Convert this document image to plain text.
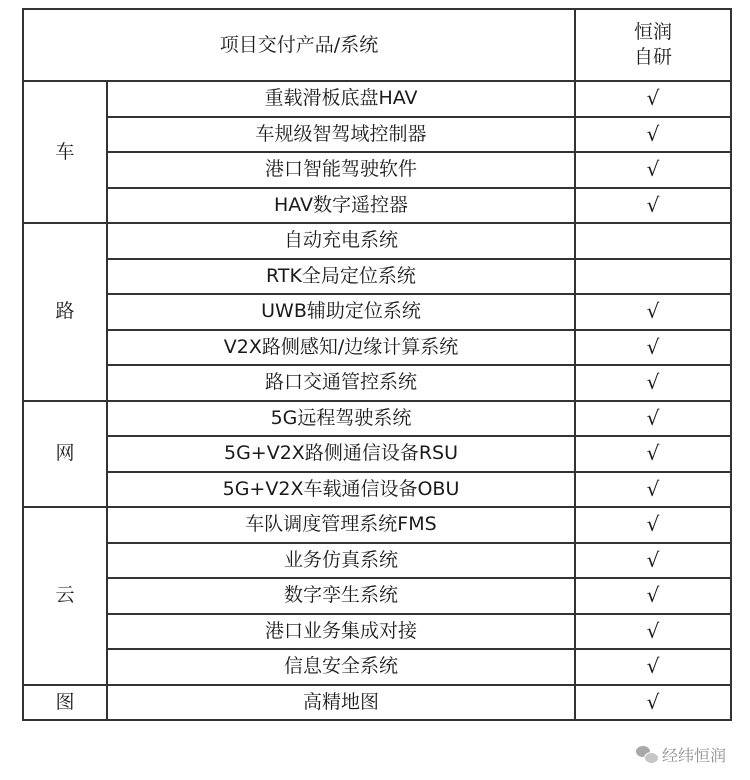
项目交付产品/系统		恒润
自研

车	重载滑板底盘HAV	√
	车规级智驾域控制器	√
	港口智能驾驶软件	√
	HAV数字遥控器	√
路	自动充电系统	
	RTK全局定位系统	
	UWB辅助定位系统	√
	V2X路侧感知/边缘计算系统	√
	路口交通管控系统	√
网	5G远程驾驶系统	√
	5G+V2X路侧通信设备RSU	√
	5G+V2X车载通信设备OBU	√
云	车队调度管理系统FMS	√
	业务仿真系统	√
	数字孪生系统	√
	港口业务集成对接	√
	信息安全系统	√
图	高精地图	√
经纬恒润
